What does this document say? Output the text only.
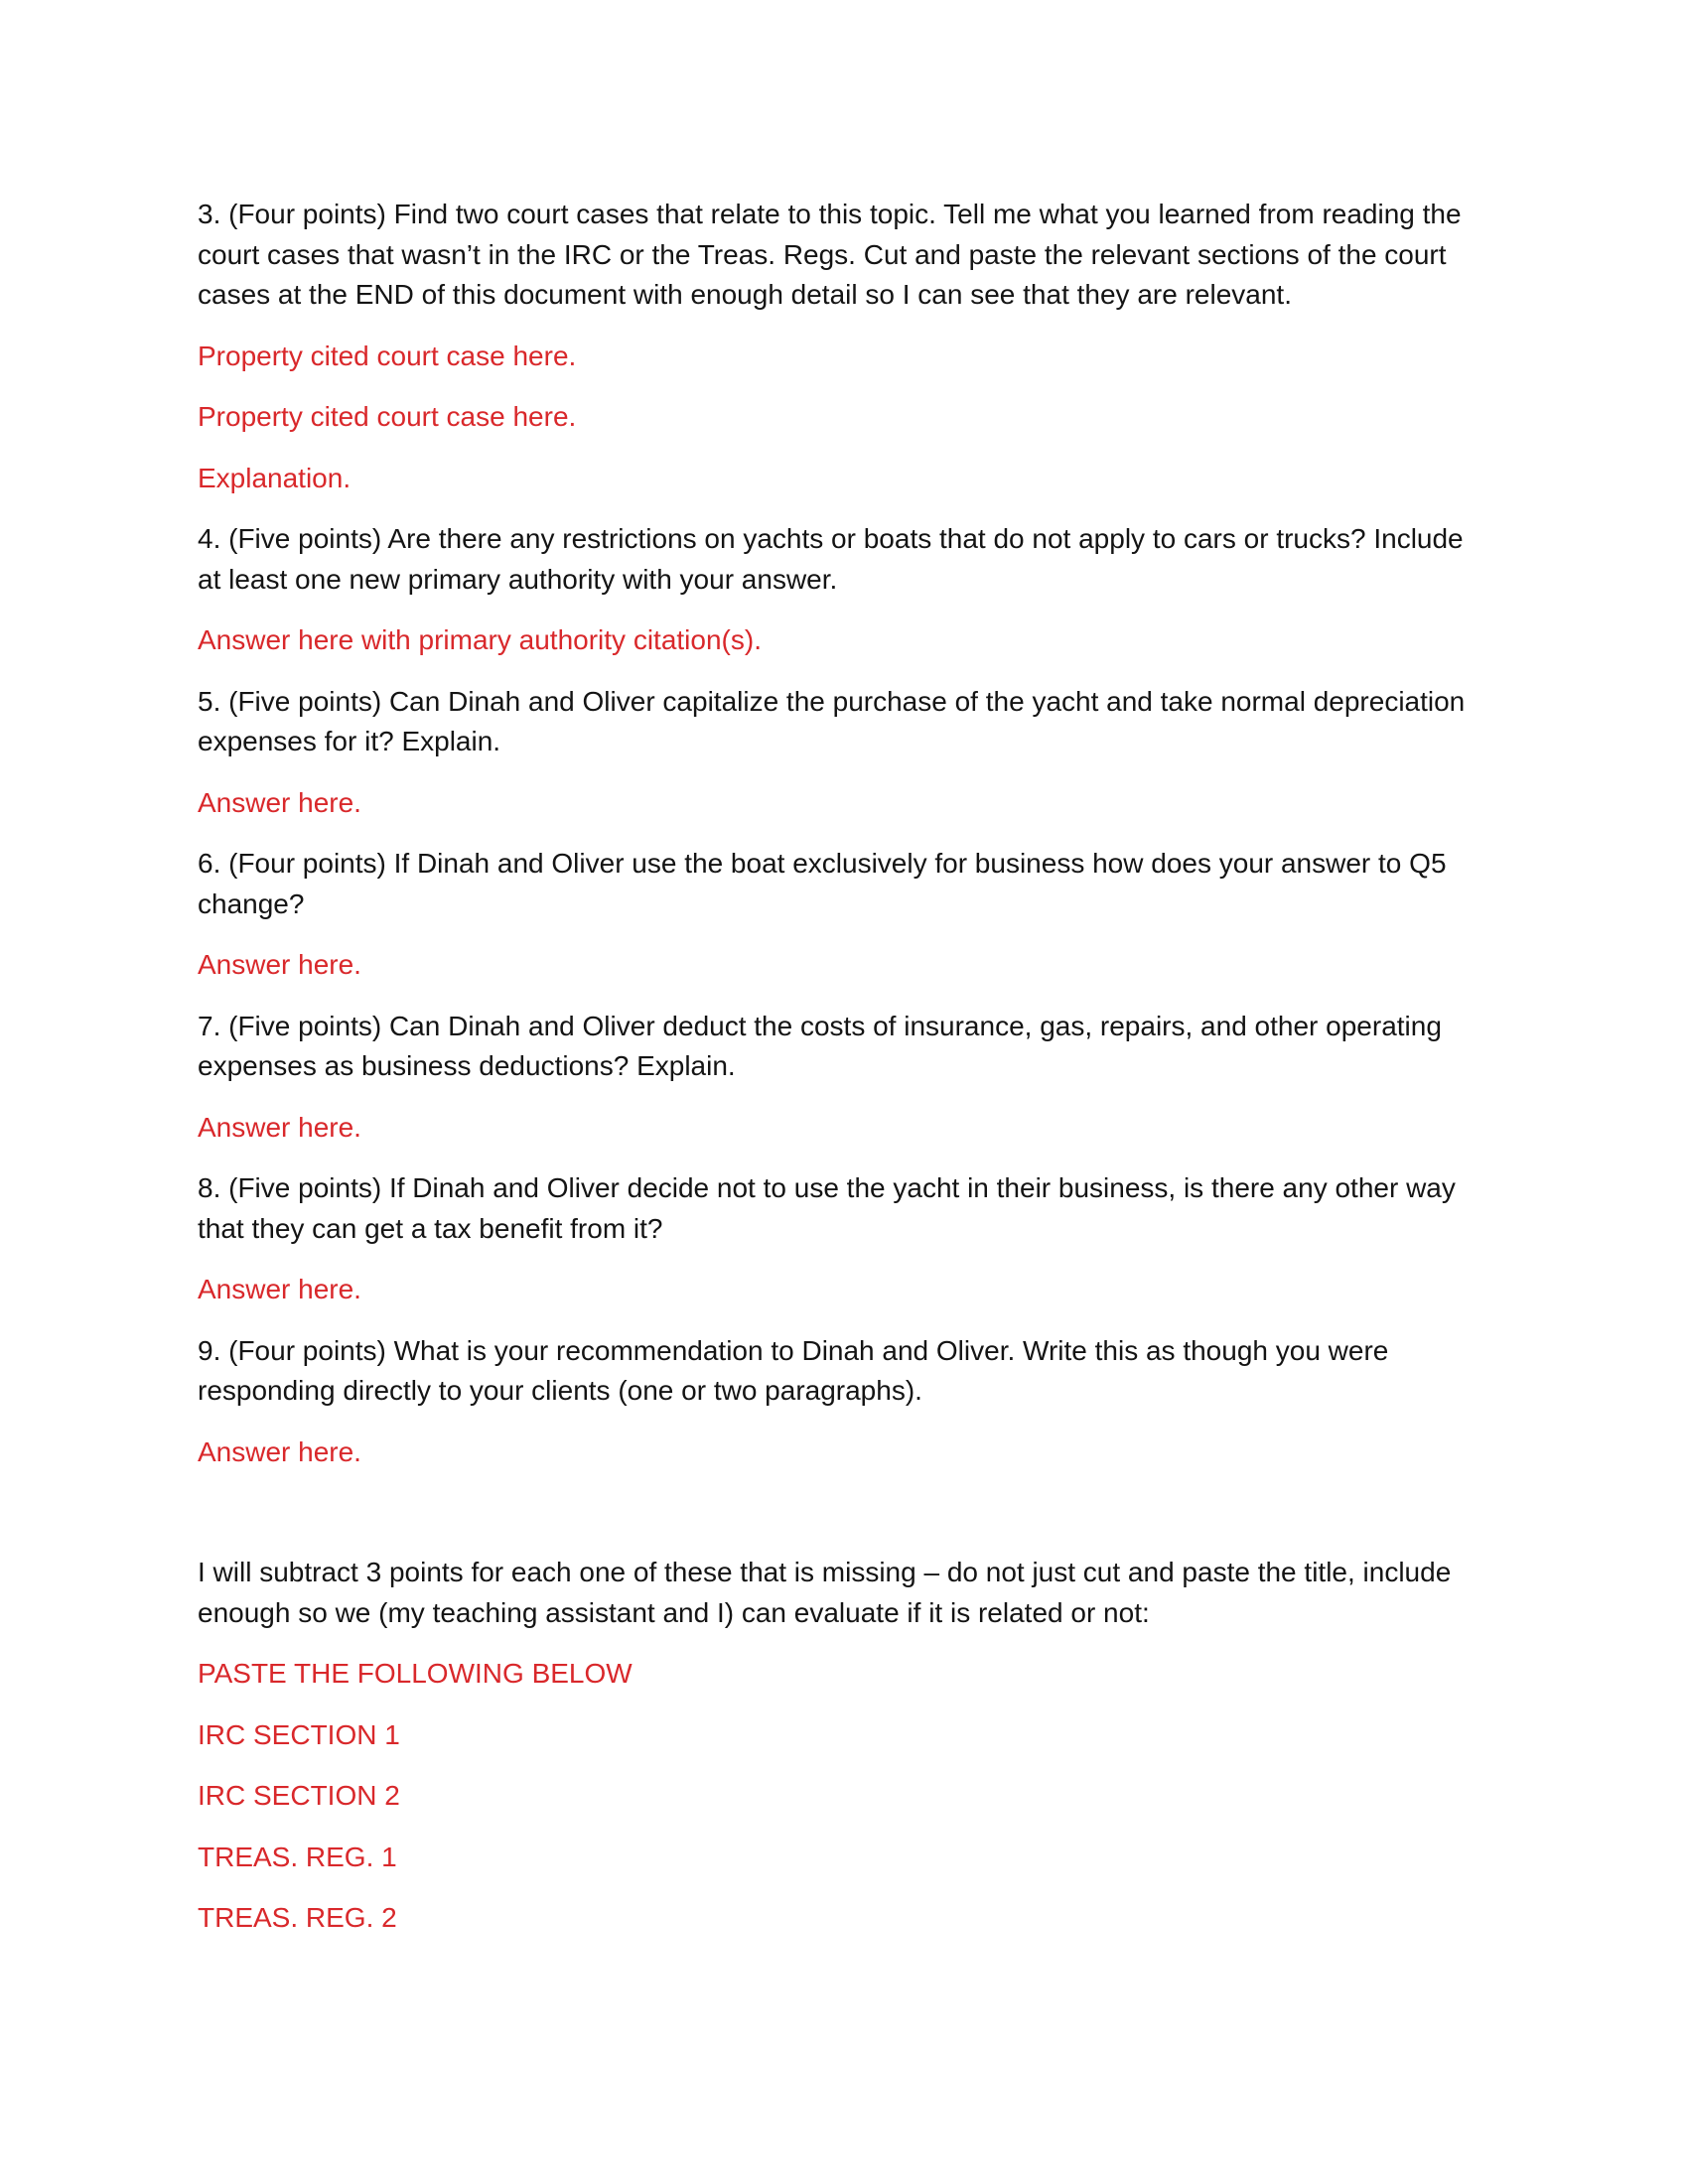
3. (Four points) Find two court cases that relate to this topic. Tell me what you learned from reading the
court cases that wasn’t in the IRC or the Treas. Regs. Cut and paste the relevant sections of the court
cases at the END of this document with enough detail so I can see that they are relevant.

Property cited court case here.

Property cited court case here.

Explanation.

4. (Five points) Are there any restrictions on yachts or boats that do not apply to cars or trucks? Include
at least one new primary authority with your answer.

Answer here with primary authority citation(s).

5. (Five points) Can Dinah and Oliver capitalize the purchase of the yacht and take normal depreciation
expenses for it? Explain.

Answer here.

6. (Four points) If Dinah and Oliver use the boat exclusively for business how does your answer to Q5
change?

Answer here.

7. (Five points) Can Dinah and Oliver deduct the costs of insurance, gas, repairs, and other operating
expenses as business deductions? Explain.

Answer here.

8. (Five points) If Dinah and Oliver decide not to use the yacht in their business, is there any other way
that they can get a tax benefit from it?

Answer here.

9. (Four points) What is your recommendation to Dinah and Oliver. Write this as though you were
responding directly to your clients (one or two paragraphs).

Answer here.

I will subtract 3 points for each one of these that is missing – do not just cut and paste the title, include
enough so we (my teaching assistant and I) can evaluate if it is related or not:

PASTE THE FOLLOWING BELOW

IRC SECTION 1

IRC SECTION 2

TREAS. REG. 1

TREAS. REG. 2
